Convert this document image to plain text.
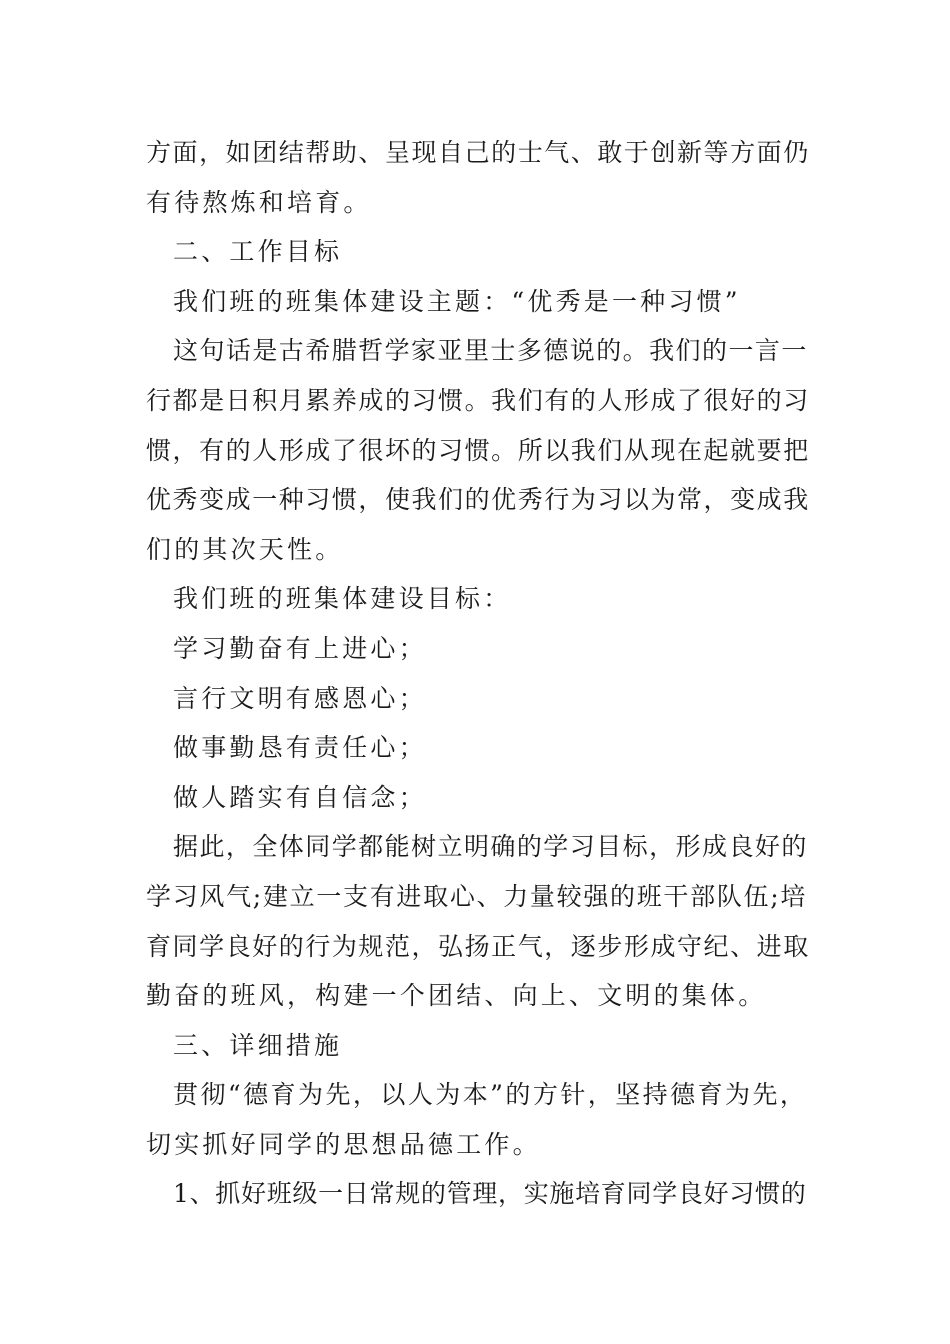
方面，如团结帮助、呈现自己的士气、敢于创新等方面仍
有待熬炼和培育。
二、工作目标
我们班的班集体建设主题：“优秀是一种习惯”
这句话是古希腊哲学家亚里士多德说的。我们的一言一
行都是日积月累养成的习惯。我们有的人形成了很好的习
惯，有的人形成了很坏的习惯。所以我们从现在起就要把
优秀变成一种习惯，使我们的优秀行为习以为常，变成我
们的其次天性。
我们班的班集体建设目标：
学习勤奋有上进心；
言行文明有感恩心；
做事勤恳有责任心；
做人踏实有自信念；
据此，全体同学都能树立明确的学习目标，形成良好的
学习风气;建立一支有进取心、力量较强的班干部队伍;培
育同学良好的行为规范，弘扬正气，逐步形成守纪、进取
勤奋的班风，构建一个团结、向上、文明的集体。
三、详细措施
贯彻“德育为先，以人为本”的方针，坚持德育为先，
切实抓好同学的思想品德工作。
1、抓好班级一日常规的管理，实施培育同学良好习惯的
